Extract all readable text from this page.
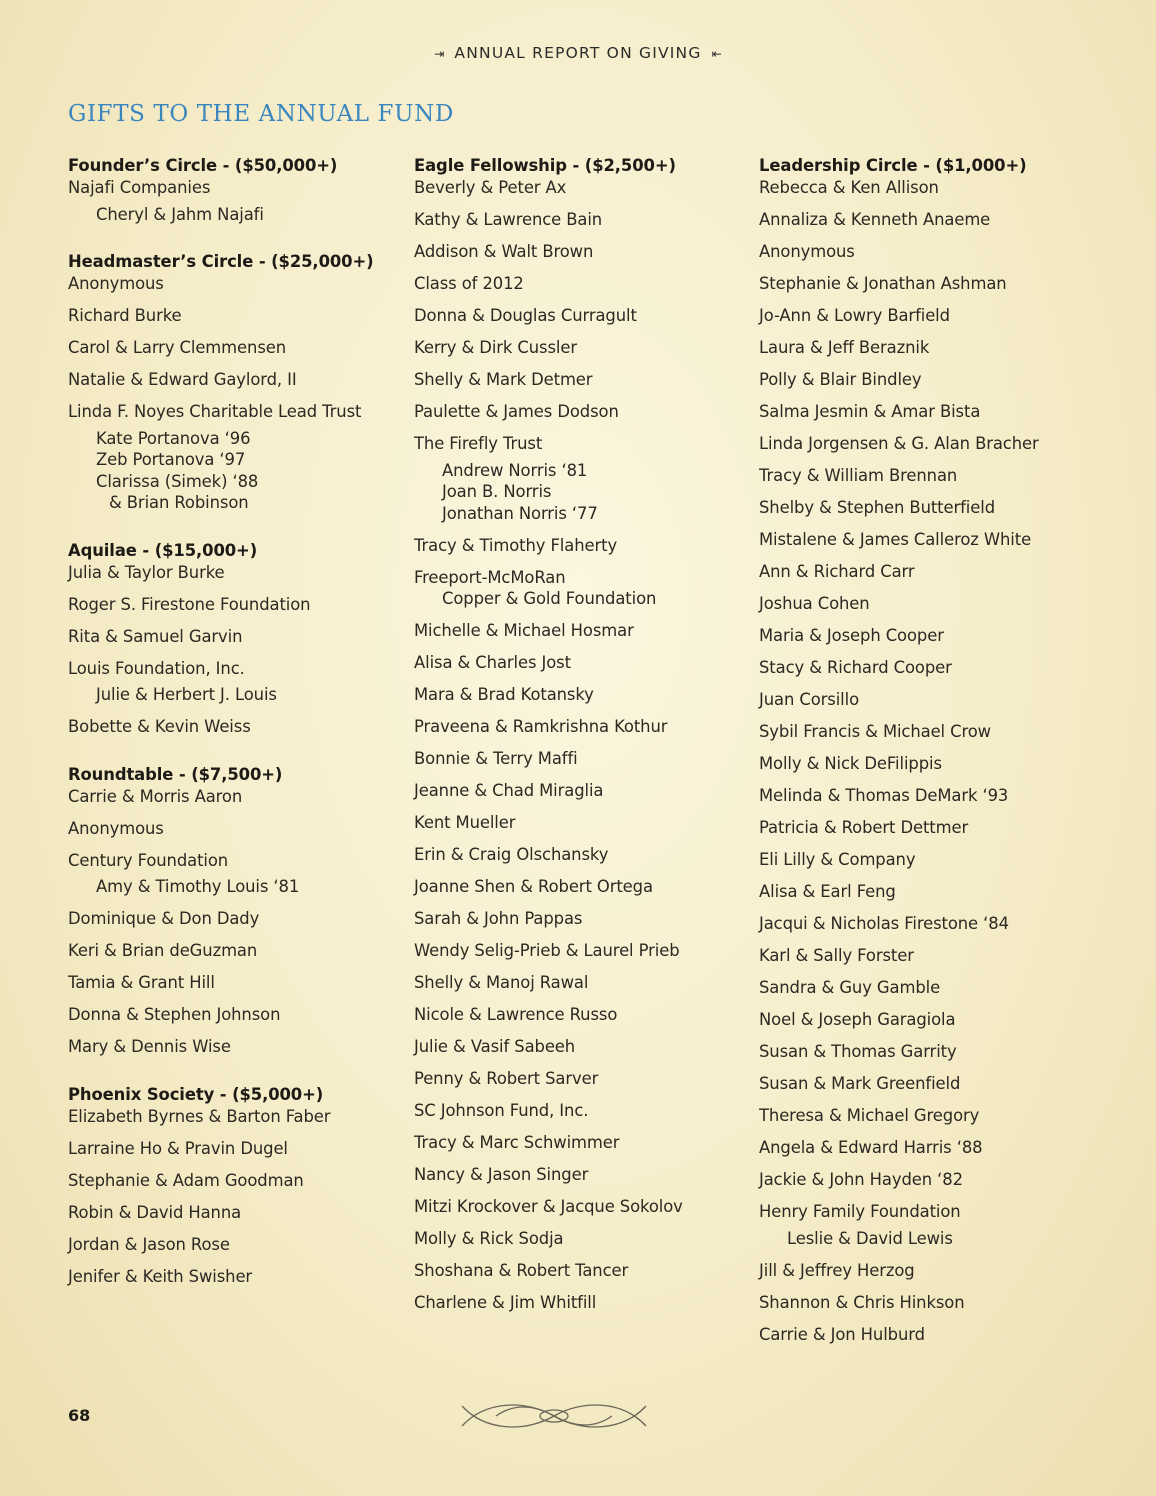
⇥ ANNUAL REPORT ON GIVING ⇤
GIFTS TO THE ANNUAL FUND
Founder’s Circle - ($50,000+)
Najafi Companies
Cheryl & Jahm Najafi
Headmaster’s Circle - ($25,000+)
Anonymous
Richard Burke
Carol & Larry Clemmensen
Natalie & Edward Gaylord, II
Linda F. Noyes Charitable Lead Trust
Kate Portanova ‘96
Zeb Portanova ‘97
Clarissa (Simek) ‘88
& Brian Robinson
Aquilae - ($15,000+)
Julia & Taylor Burke
Roger S. Firestone Foundation
Rita & Samuel Garvin
Louis Foundation, Inc.
Julie & Herbert J. Louis
Bobette & Kevin Weiss
Roundtable - ($7,500+)
Carrie & Morris Aaron
Anonymous
Century Foundation
Amy & Timothy Louis ‘81
Dominique & Don Dady
Keri & Brian deGuzman
Tamia & Grant Hill
Donna & Stephen Johnson
Mary & Dennis Wise
Phoenix Society - ($5,000+)
Elizabeth Byrnes & Barton Faber
Larraine Ho & Pravin Dugel
Stephanie & Adam Goodman
Robin & David Hanna
Jordan & Jason Rose
Jenifer & Keith Swisher
Eagle Fellowship - ($2,500+)
Beverly & Peter Ax
Kathy & Lawrence Bain
Addison & Walt Brown
Class of 2012
Donna & Douglas Curragult
Kerry & Dirk Cussler
Shelly & Mark Detmer
Paulette & James Dodson
The Firefly Trust
Andrew Norris ‘81
Joan B. Norris
Jonathan Norris ‘77
Tracy & Timothy Flaherty
Freeport-McMoRan
Copper & Gold Foundation
Michelle & Michael Hosmar
Alisa & Charles Jost
Mara & Brad Kotansky
Praveena & Ramkrishna Kothur
Bonnie & Terry Maffi
Jeanne & Chad Miraglia
Kent Mueller
Erin & Craig Olschansky
Joanne Shen & Robert Ortega
Sarah & John Pappas
Wendy Selig-Prieb & Laurel Prieb
Shelly & Manoj Rawal
Nicole & Lawrence Russo
Julie & Vasif Sabeeh
Penny & Robert Sarver
SC Johnson Fund, Inc.
Tracy & Marc Schwimmer
Nancy & Jason Singer
Mitzi Krockover & Jacque Sokolov
Molly & Rick Sodja
Shoshana & Robert Tancer
Charlene & Jim Whitfill
Leadership Circle - ($1,000+)
Rebecca & Ken Allison
Annaliza & Kenneth Anaeme
Anonymous
Stephanie & Jonathan Ashman
Jo-Ann & Lowry Barfield
Laura & Jeff Beraznik
Polly & Blair Bindley
Salma Jesmin & Amar Bista
Linda Jorgensen & G. Alan Bracher
Tracy & William Brennan
Shelby & Stephen Butterfield
Mistalene & James Calleroz White
Ann & Richard Carr
Joshua Cohen
Maria & Joseph Cooper
Stacy & Richard Cooper
Juan Corsillo
Sybil Francis & Michael Crow
Molly & Nick DeFilippis
Melinda & Thomas DeMark ‘93
Patricia & Robert Dettmer
Eli Lilly & Company
Alisa & Earl Feng
Jacqui & Nicholas Firestone ‘84
Karl & Sally Forster
Sandra & Guy Gamble
Noel & Joseph Garagiola
Susan & Thomas Garrity
Susan & Mark Greenfield
Theresa & Michael Gregory
Angela & Edward Harris ‘88
Jackie & John Hayden ‘82
Henry Family Foundation
Leslie & David Lewis
Jill & Jeffrey Herzog
Shannon & Chris Hinkson
Carrie & Jon Hulburd
68
